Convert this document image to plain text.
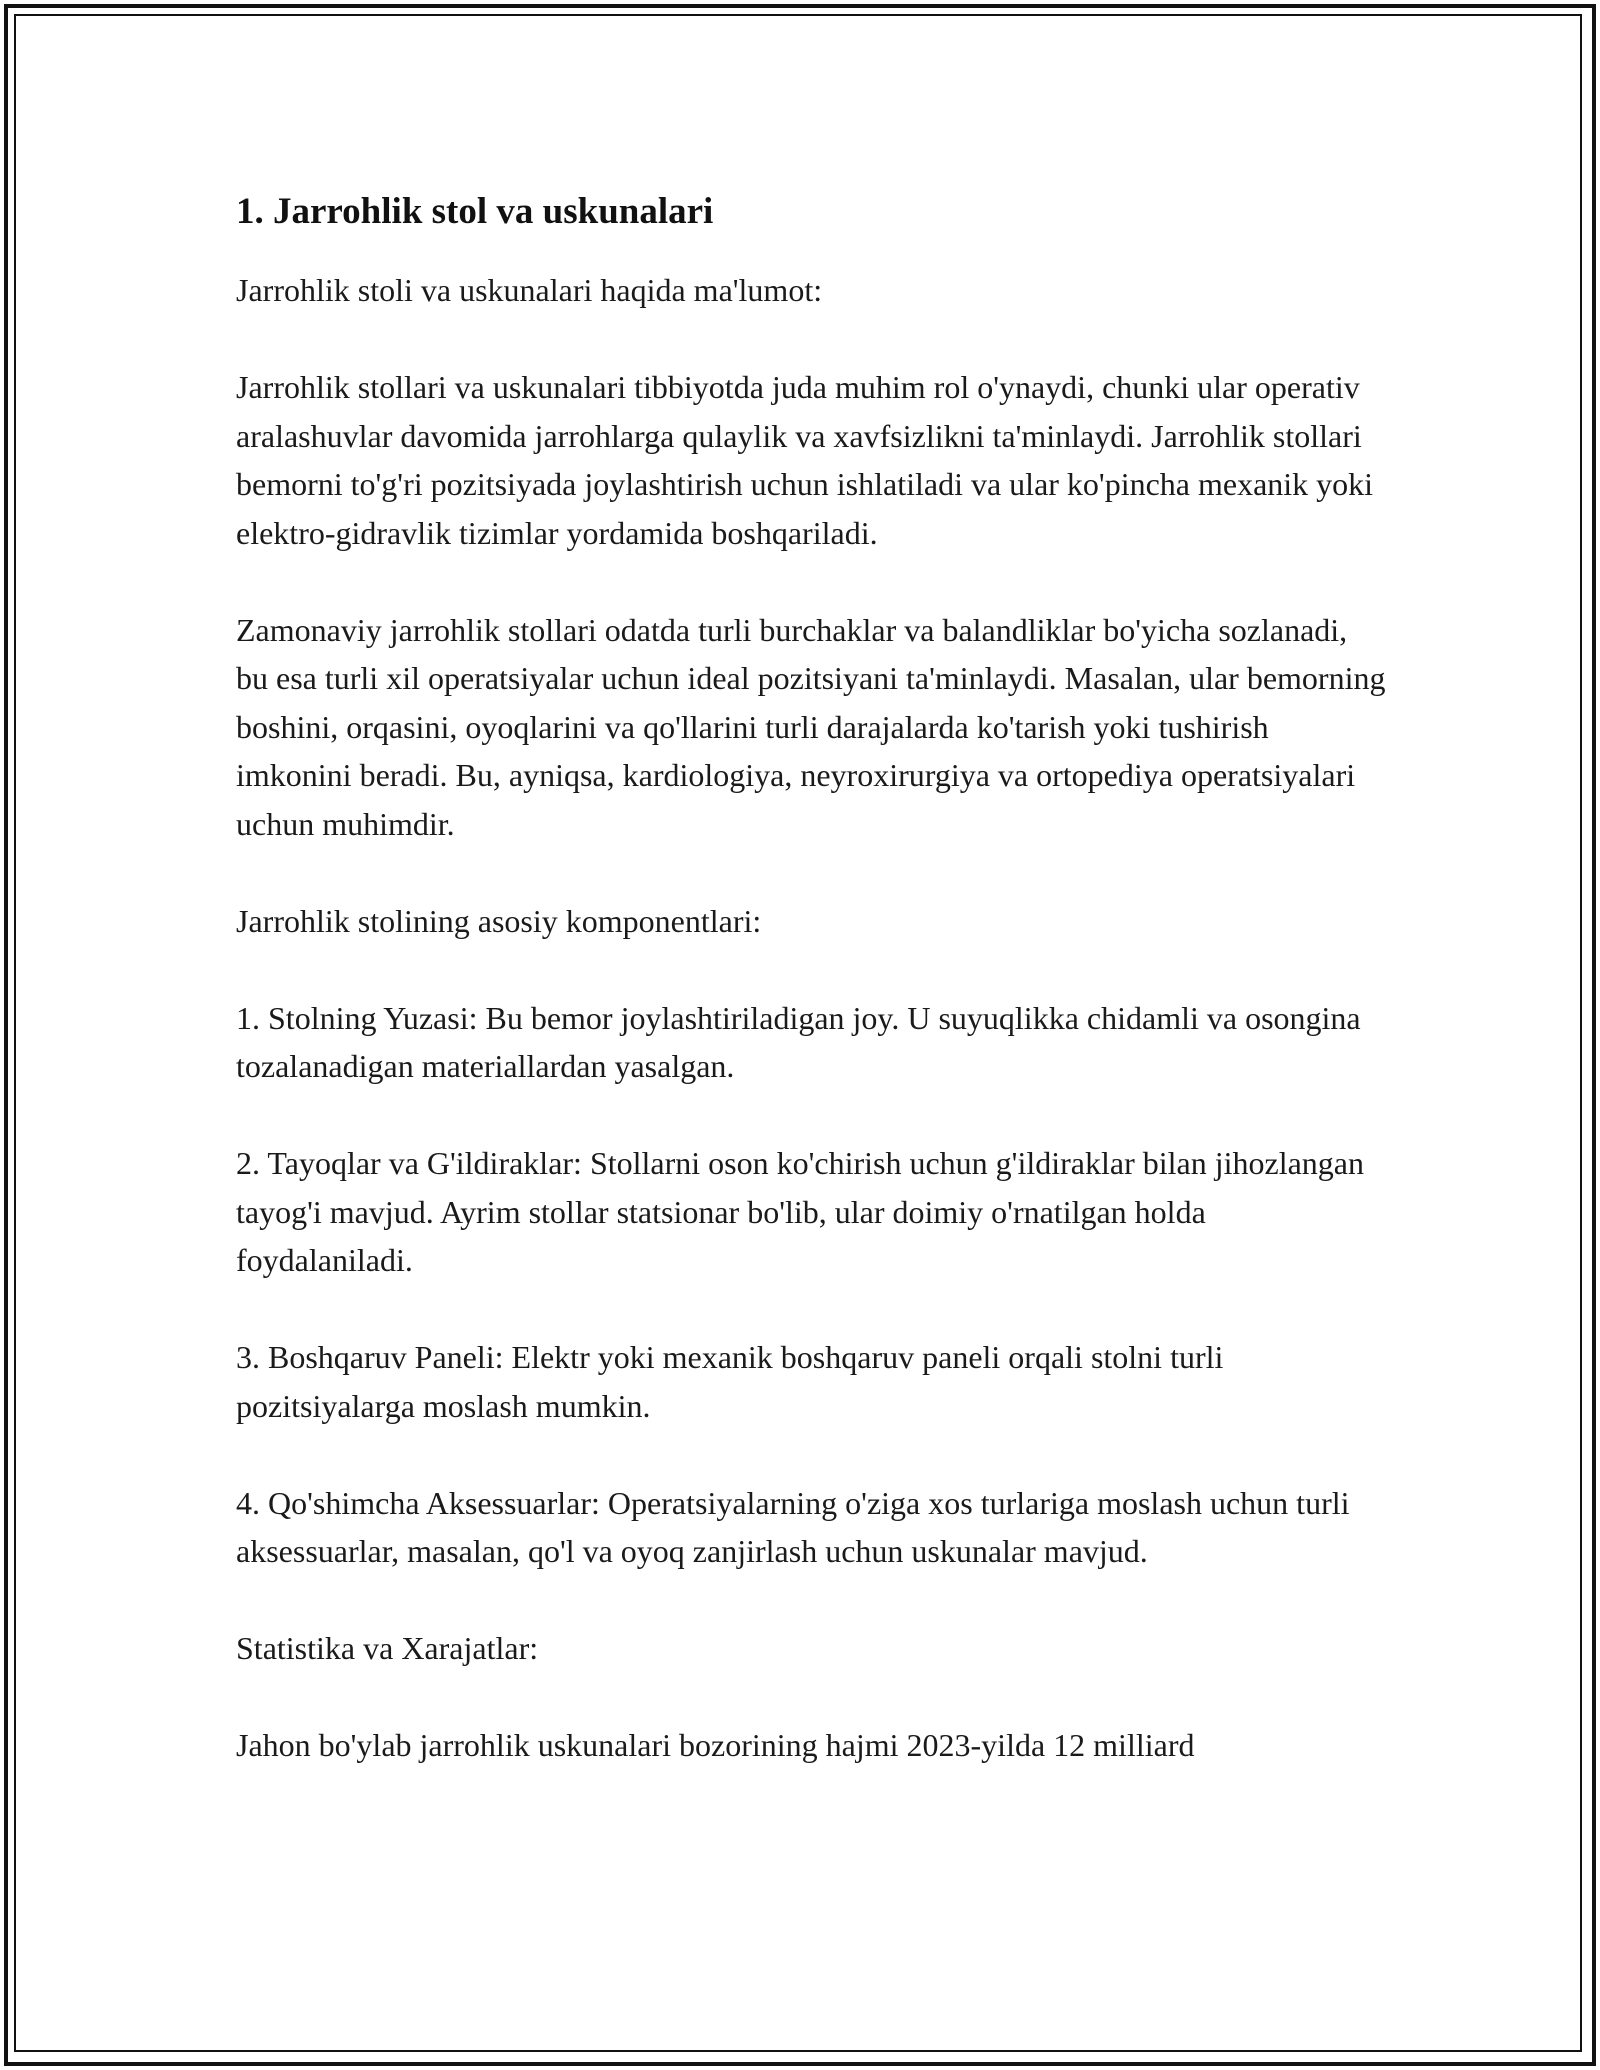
1. Jarrohlik stol va uskunalari

Jarrohlik stoli va uskunalari haqida ma'lumot:

Jarrohlik stollari va uskunalari tibbiyotda juda muhim rol o'ynaydi, chunki ular operativ aralashuvlar davomida jarrohlarga qulaylik va xavfsizlikni ta'minlaydi. Jarrohlik stollari bemorni to'g'ri pozitsiyada joylashtirish uchun ishlatiladi va ular ko'pincha mexanik yoki elektro-gidravlik tizimlar yordamida boshqariladi.

Zamonaviy jarrohlik stollari odatda turli burchaklar va balandliklar bo'yicha sozlanadi, bu esa turli xil operatsiyalar uchun ideal pozitsiyani ta'minlaydi. Masalan, ular bemorning boshini, orqasini, oyoqlarini va qo'llarini turli darajalarda ko'tarish yoki tushirish imkonini beradi. Bu, ayniqsa, kardiologiya, neyroxirurgiya va ortopediya operatsiyalari uchun muhimdir.

Jarrohlik stolining asosiy komponentlari:

1. Stolning Yuzasi: Bu bemor joylashtiriladigan joy. U suyuqlikka chidamli va osongina tozalanadigan materiallardan yasalgan.

2. Tayoqlar va G'ildiraklar: Stollarni oson ko'chirish uchun g'ildiraklar bilan jihozlangan tayog'i mavjud. Ayrim stollar statsionar bo'lib, ular doimiy o'rnatilgan holda foydalaniladi.

3. Boshqaruv Paneli: Elektr yoki mexanik boshqaruv paneli orqali stolni turli pozitsiyalarga moslash mumkin.

4. Qo'shimcha Aksessuarlar: Operatsiyalarning o'ziga xos turlariga moslash uchun turli aksessuarlar, masalan, qo'l va oyoq zanjirlash uchun uskunalar mavjud.

Statistika va Xarajatlar:

Jahon bo'ylab jarrohlik uskunalari bozorining hajmi 2023-yilda 12 milliard
